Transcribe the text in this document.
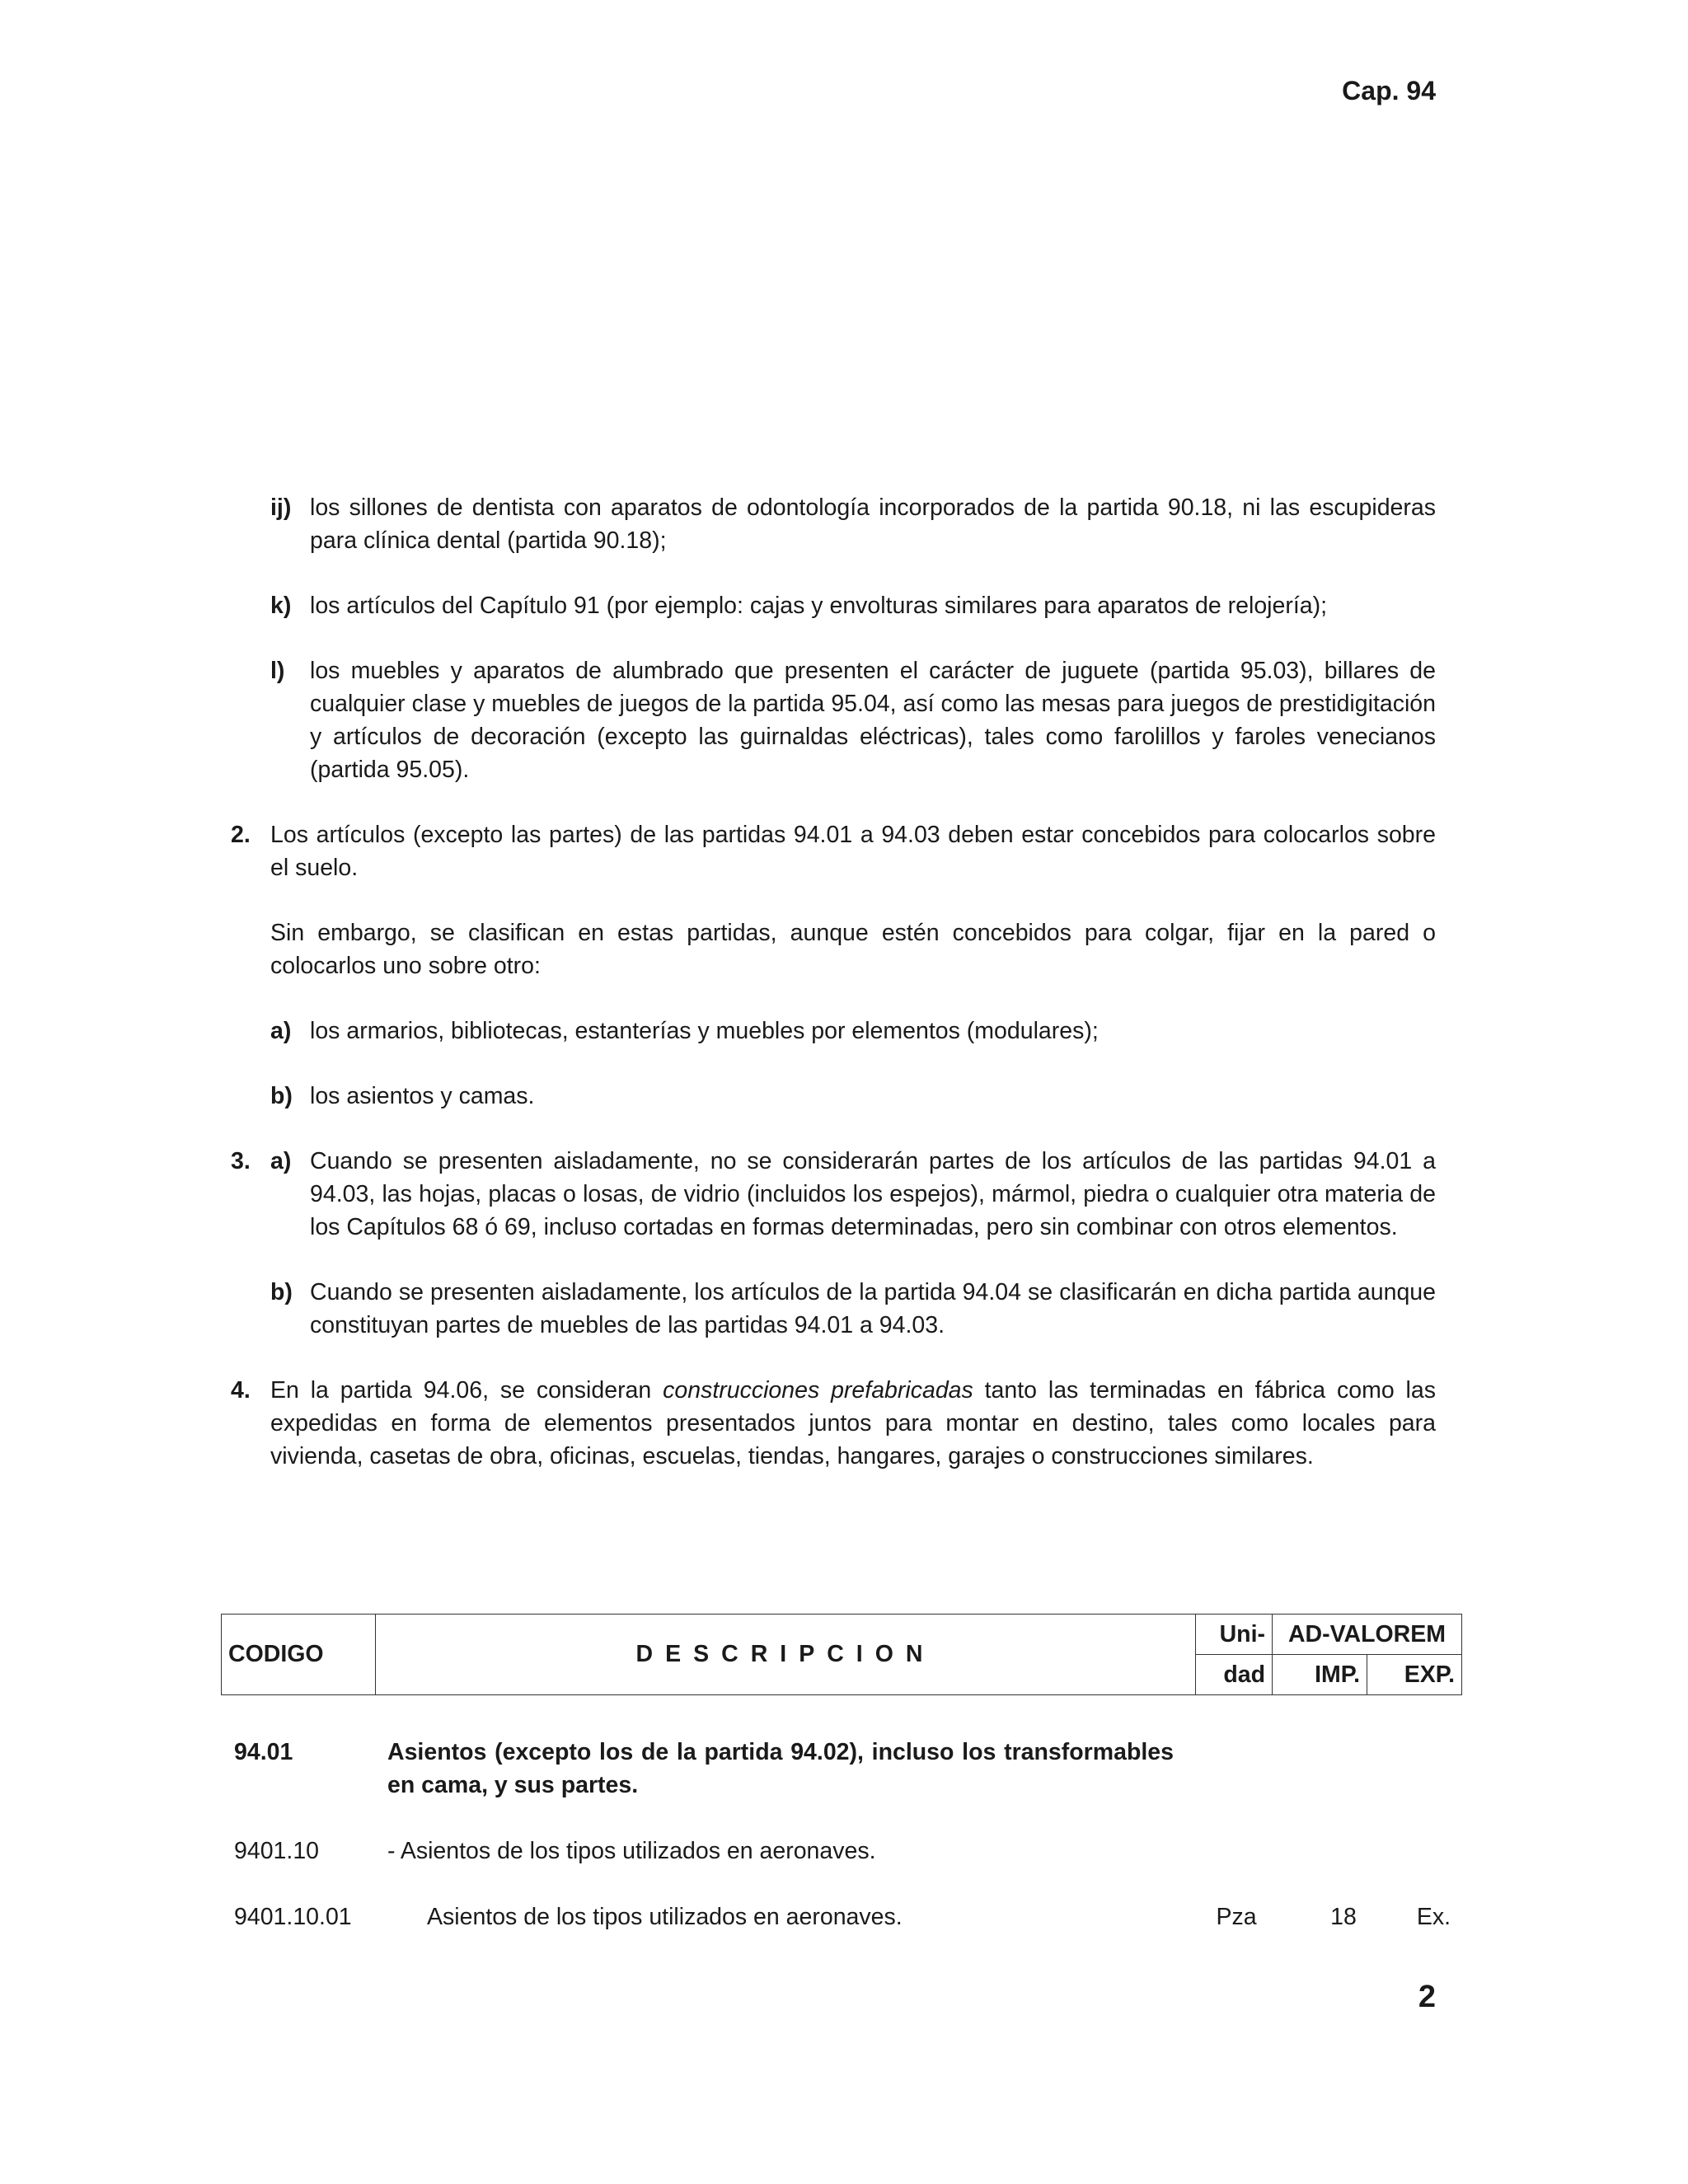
Cap. 94
ij) los sillones de dentista con aparatos de odontología incorporados de la partida 90.18, ni las escupideras para clínica dental (partida 90.18);
k) los artículos del Capítulo 91 (por ejemplo: cajas y envolturas similares para aparatos de relojería);
l) los muebles y aparatos de alumbrado que presenten el carácter de juguete (partida 95.03), billares de cualquier clase y muebles de juegos de la partida 95.04, así como las mesas para juegos de prestidigitación y artículos de decoración (excepto las guirnaldas eléctricas), tales como farolillos y faroles venecianos (partida 95.05).
2. Los artículos (excepto las partes) de las partidas 94.01 a 94.03 deben estar concebidos para colocarlos sobre el suelo.
Sin embargo, se clasifican en estas partidas, aunque estén concebidos para colgar, fijar en la pared o colocarlos uno sobre otro:
a) los armarios, bibliotecas, estanterías y muebles por elementos (modulares);
b) los asientos y camas.
3. a) Cuando se presenten aisladamente, no se considerarán partes de los artículos de las partidas 94.01 a 94.03, las hojas, placas o losas, de vidrio (incluidos los espejos), mármol, piedra o cualquier otra materia de los Capítulos 68 ó 69, incluso cortadas en formas determinadas, pero sin combinar con otros elementos.
b) Cuando se presenten aisladamente, los artículos de la partida 94.04 se clasificarán en dicha partida aunque constituyan partes de muebles de las partidas 94.01 a 94.03.
4. En la partida 94.06, se consideran construcciones prefabricadas tanto las terminadas en fábrica como las expedidas en forma de elementos presentados juntos para montar en destino, tales como locales para vivienda, casetas de obra, oficinas, escuelas, tiendas, hangares, garajes o construcciones similares.
CODIGO	DESCRIPCION	Uni-	AD-VALOREM	
		dad	IMP.	EXP.
94.01	Asientos (excepto los de la partida 94.02), incluso los transformables en cama, y sus partes.
9401.10	- Asientos de los tipos utilizados en aeronaves.
9401.10.01	Asientos de los tipos utilizados en aeronaves.	Pza	18	Ex.
2
